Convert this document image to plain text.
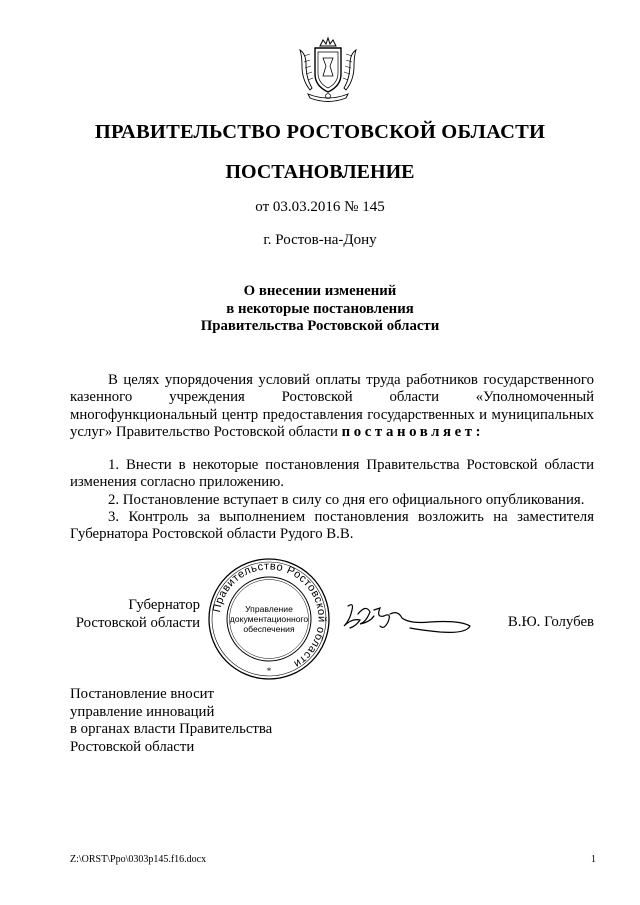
ПРАВИТЕЛЬСТВО РОСТОВСКОЙ ОБЛАСТИ
ПОСТАНОВЛЕНИЕ
от 03.03.2016 № 145
г. Ростов-на-Дону
О внесении изменений
в некоторые постановления
Правительства Ростовской области
В целях упорядочения условий оплаты труда работников государственного казенного учреждения Ростовской области «Уполномоченный многофункциональный центр предоставления государственных и муниципальных услуг» Правительство Ростовской области постановляет:
1. Внести в некоторые постановления Правительства Ростовской области изменения согласно приложению.
2. Постановление вступает в силу со дня его официального опубликования.
3. Контроль за выполнением постановления возложить на заместителя Губернатора Ростовской области Рудого В.В.
Губернатор
Ростовской области
Правительство Ростовской области
*
Управление
документационного
обеспечения	В.Ю. Голубев
Постановление вносит
управление инноваций
в органах власти Правительства
Ростовской области
Z:\ORST\Ppo\0303p145.f16.docx	1
